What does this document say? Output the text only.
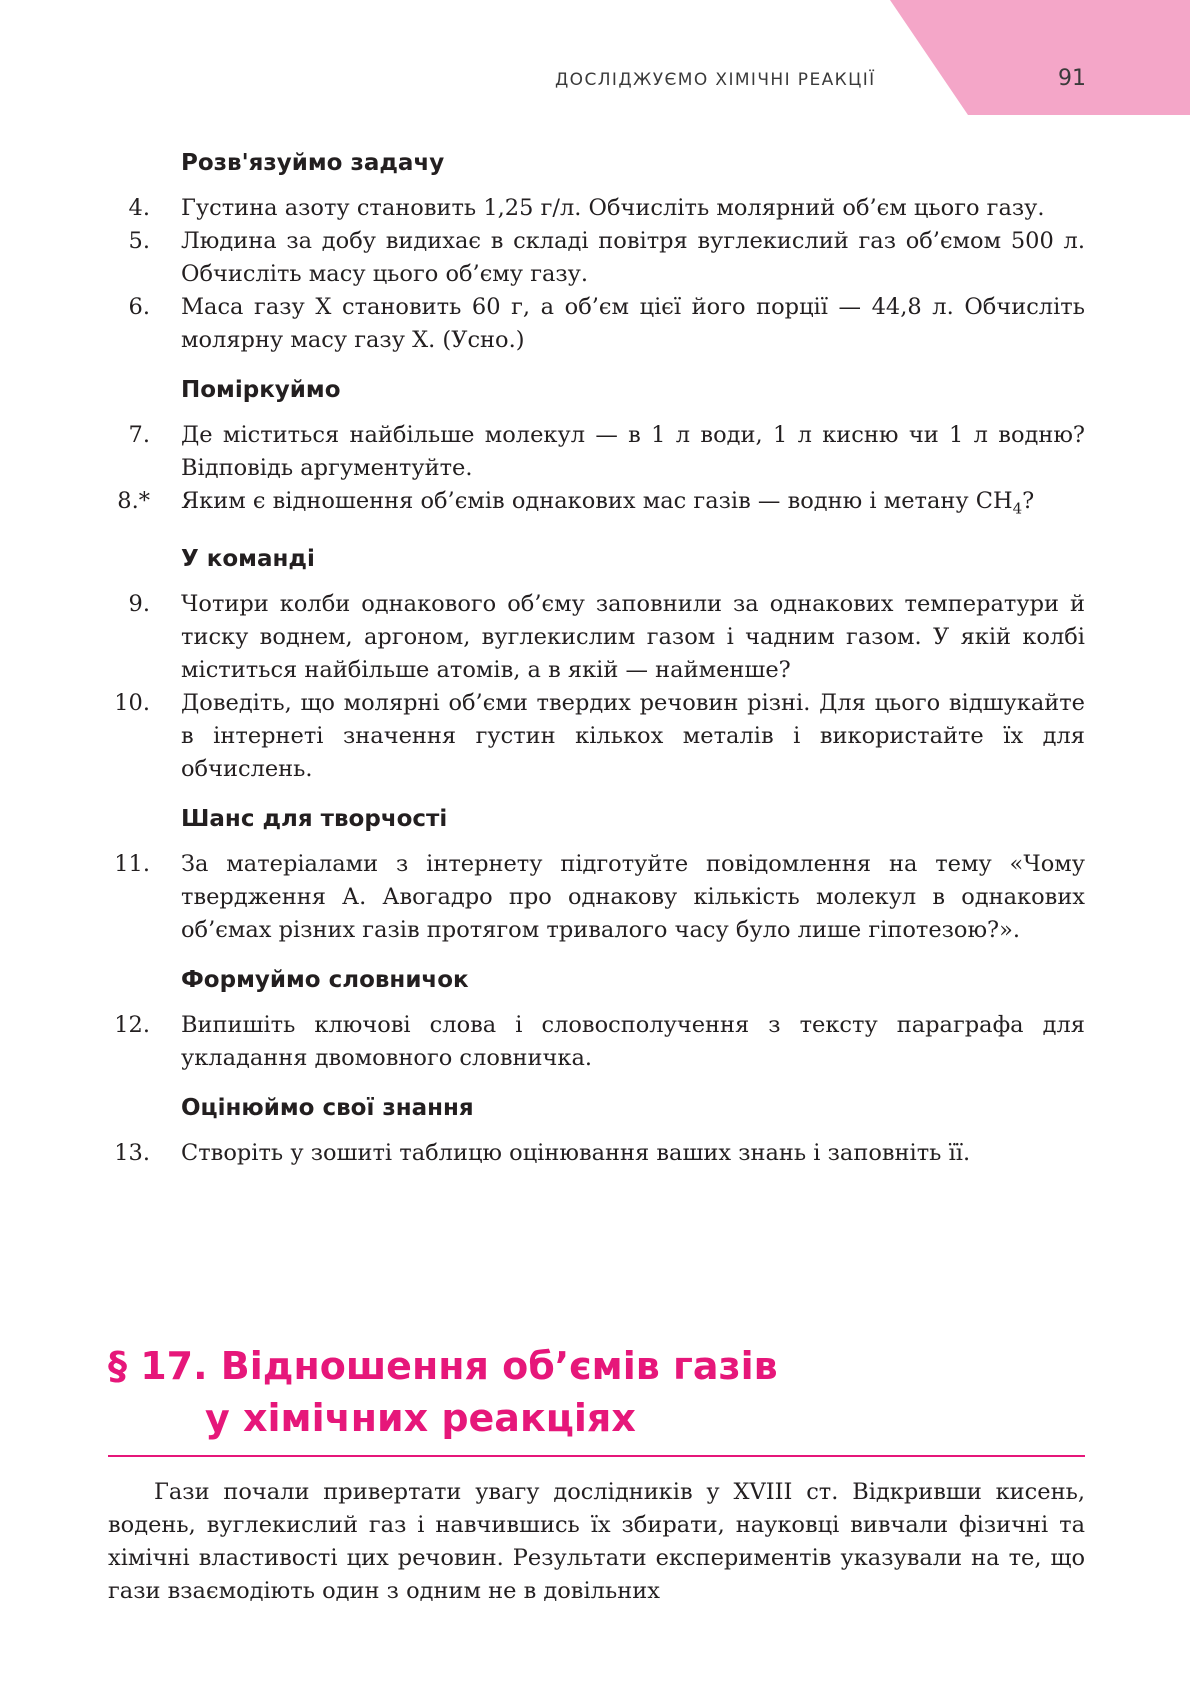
ДОСЛІДЖУЄМО ХІМІЧНІ РЕАКЦІЇ	91
Розв'язуймо задачу
4. Густина азоту становить 1,25 г/л. Обчисліть молярний об’єм цього газу.
5. Людина за добу видихає в складі повітря вуглекислий газ об’ємом 500 л. Обчисліть масу цього об’єму газу.
6. Маса газу X становить 60 г, а об’єм цієї його порції — 44,8 л. Обчисліть молярну масу газу X. (Усно.)
Поміркуймо
7. Де міститься найбільше молекул — в 1 л води, 1 л кисню чи 1 л водню? Відповідь аргументуйте.
8.* Яким є відношення об’ємів однакових мас газів — водню і метану $CH_4$?
У команді
9. Чотири колби однакового об’єму заповнили за однакових температури й тиску воднем, аргоном, вуглекислим газом і чадним газом. У якій колбі міститься найбільше атомів, а в якій — найменше?
10. Доведіть, що молярні об’єми твердих речовин різні. Для цього відшукайте в інтернеті значення густин кількох металів і використайте їх для обчислень.
Шанс для творчості
11. За матеріалами з інтернету підготуйте повідомлення на тему «Чому твердження А. Авогадро про однакову кількість молекул в однакових об’ємах різних газів протягом тривалого часу було лише гіпотезою?».
Формуймо словничок
12. Випишіть ключові слова і словосполучення з тексту параграфа для укладання двомовного словничка.
Оцінюймо свої знання
13. Створіть у зошиті таблицю оцінювання ваших знань і заповніть її.
§ 17. Відношення об’ємів газів
у хімічних реакціях
Гази почали привертати увагу дослідників у XVIII ст. Відкривши кисень, водень, вуглекислий газ і навчившись їх збирати, науковці вивчали фізичні та хімічні властивості цих речовин. Результати експериментів указували на те, що гази взаємодіють один з одним не в довільних
